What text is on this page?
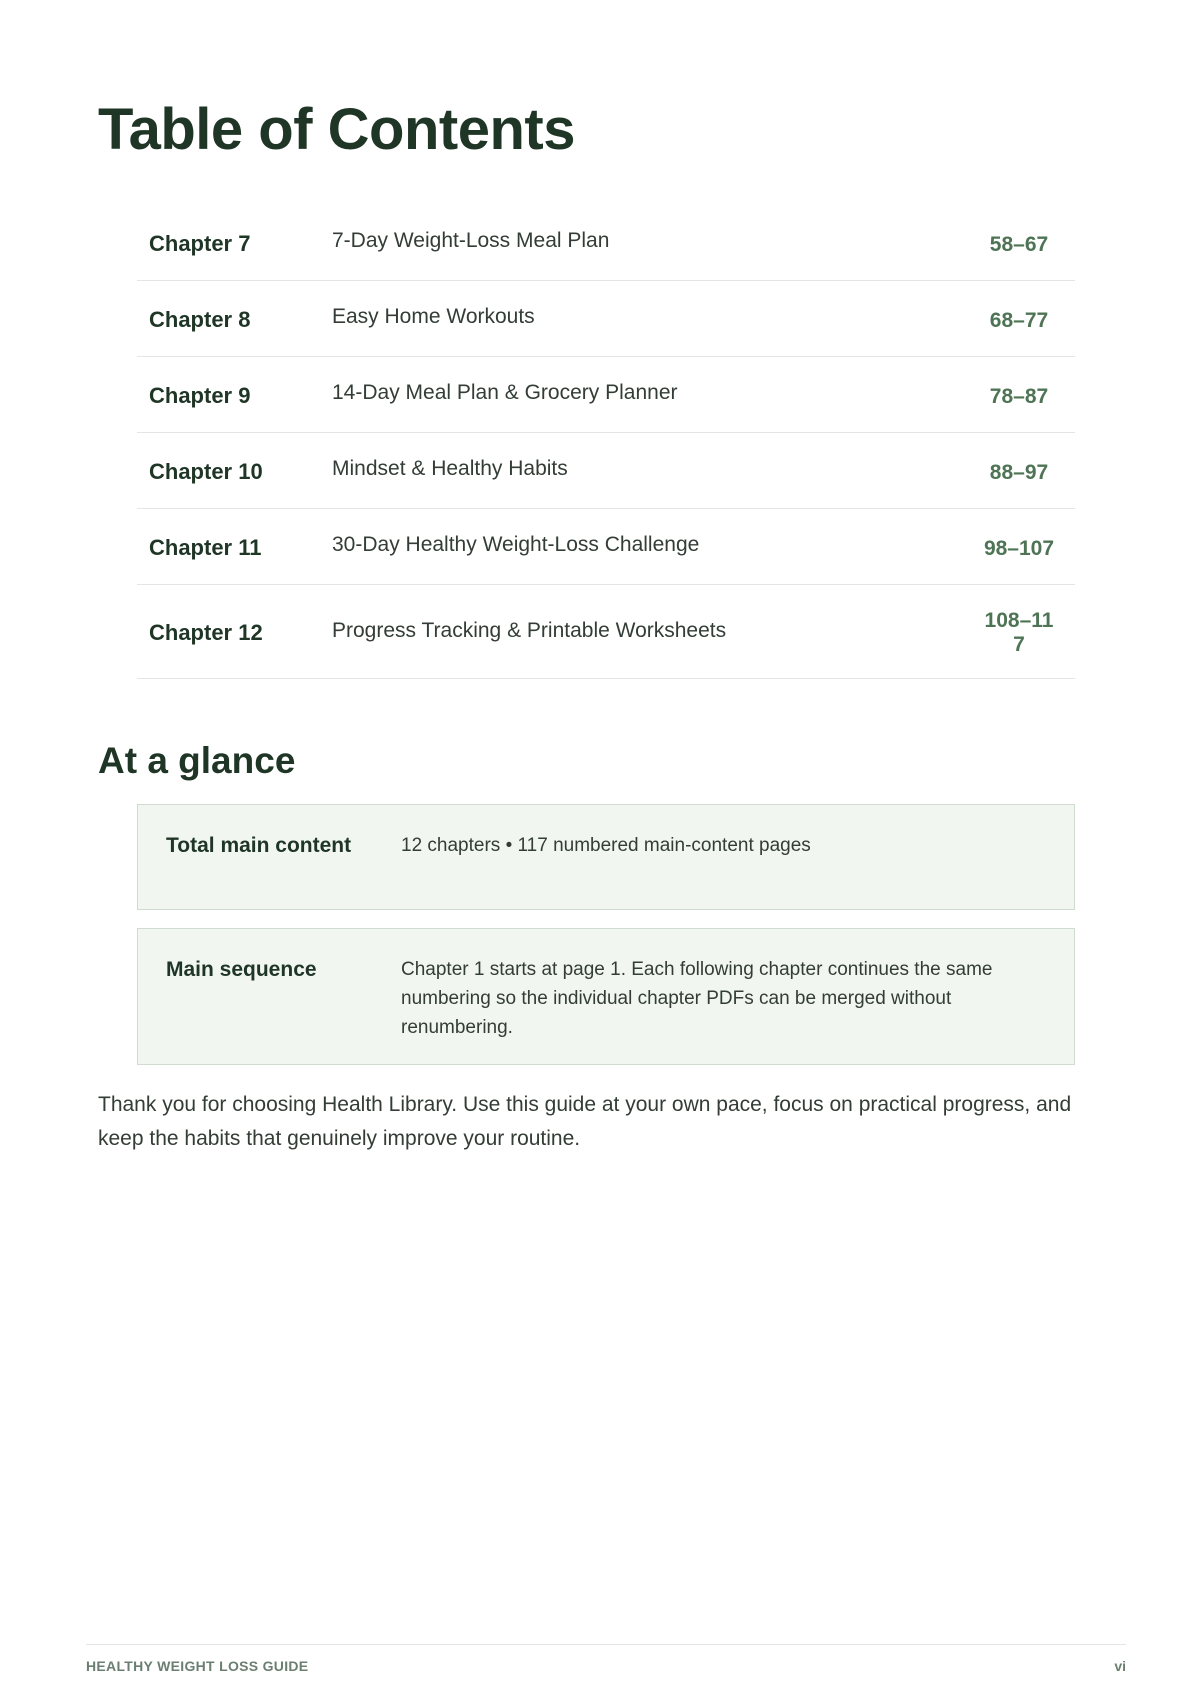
Table of Contents
Chapter 7	7-Day Weight-Loss Meal Plan	58–67
Chapter 8	Easy Home Workouts	68–77
Chapter 9	14-Day Meal Plan & Grocery Planner	78–87
Chapter 10	Mindset & Healthy Habits	88–97
Chapter 11	30-Day Healthy Weight-Loss Challenge	98–107
Chapter 12	Progress Tracking & Printable Worksheets	108–117
At a glance
Total main content	12 chapters • 117 numbered main-content pages
Main sequence	Chapter 1 starts at page 1. Each following chapter continues the same numbering so the individual chapter PDFs can be merged without renumbering.

Thank you for choosing Health Library. Use this guide at your own pace, focus on practical progress, and keep the habits that genuinely improve your routine.

HEALTHY WEIGHT LOSS GUIDE	vi
